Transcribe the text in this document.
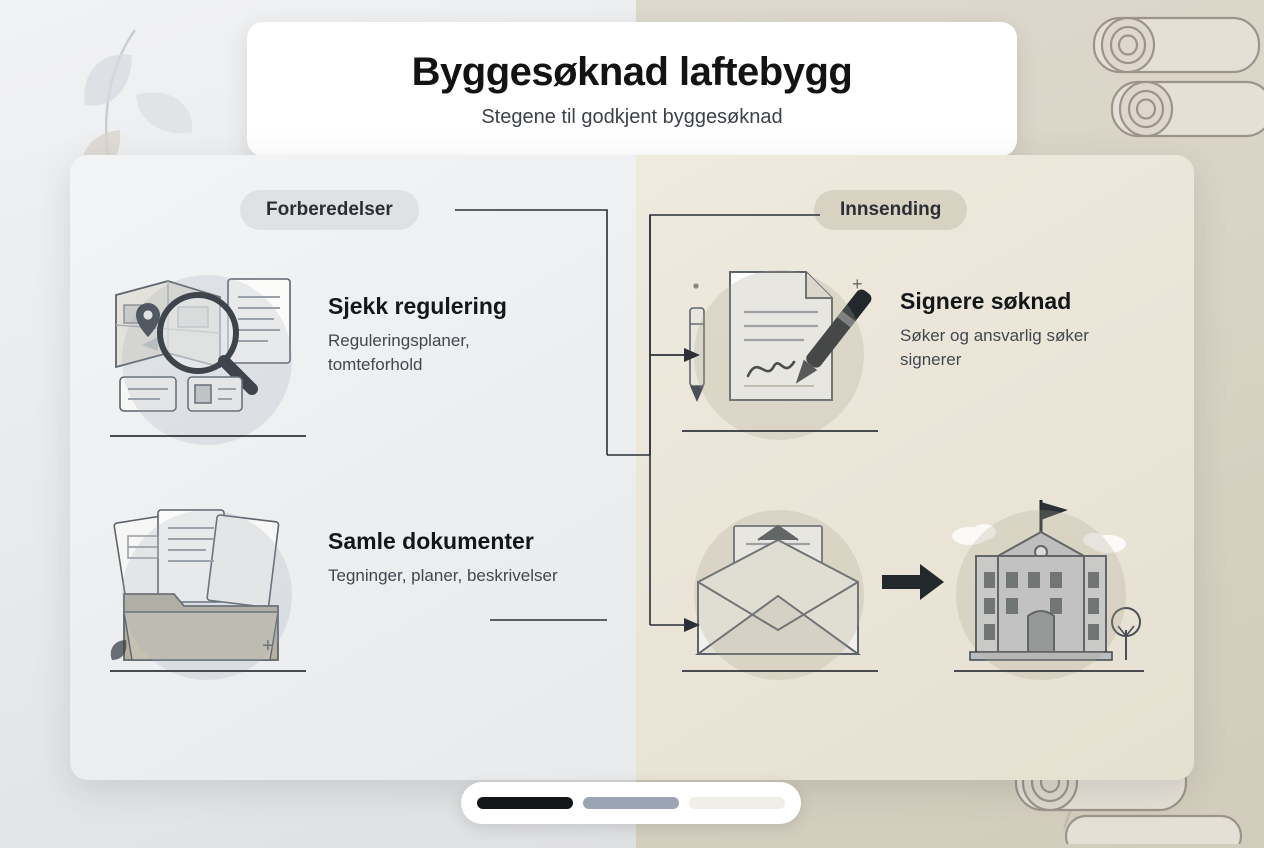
Byggesøknad laftebygg
Stegene til godkjent byggesøknad
Forberedelser
Sjekk regulering
Reguleringsplaner, tomteforhold
+
Samle dokumenter
Tegninger, planer, beskrivelser
Innsending
+
Signere søknad
Søker og ansvarlig søker signerer
